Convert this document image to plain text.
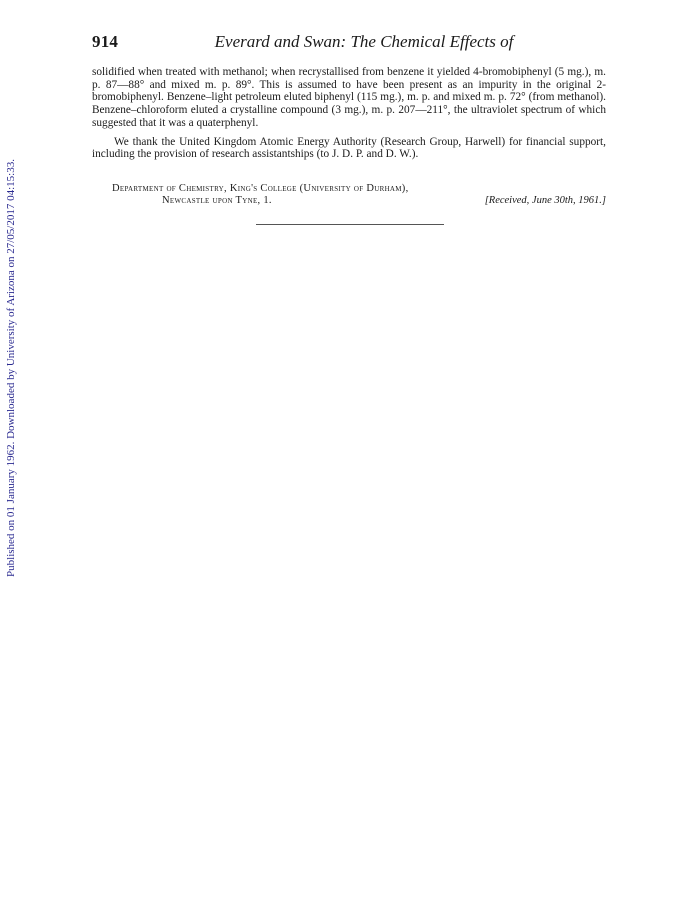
Published on 01 January 1962. Downloaded by University of Arizona on 27/05/2017 04:15:33.
914	Everard and Swan: The Chemical Effects of

solidified when treated with methanol; when recrystallised from benzene it yielded 4-bromobiphenyl (5 mg.), m. p. 87—88° and mixed m. p. 89°. This is assumed to have been present as an impurity in the original 2-bromobiphenyl. Benzene–light petroleum eluted biphenyl (115 mg.), m. p. and mixed m. p. 72° (from methanol). Benzene–chloroform eluted a crystalline compound (3 mg.), m. p. 207—211°, the ultraviolet spectrum of which suggested that it was a quaterphenyl.

We thank the United Kingdom Atomic Energy Authority (Research Group, Harwell) for financial support, including the provision of research assistantships (to J. D. P. and D. W.).

Department of Chemistry, King's College (University of Durham),
Newcastle upon Tyne, 1.	[Received, June 30th, 1961.]
